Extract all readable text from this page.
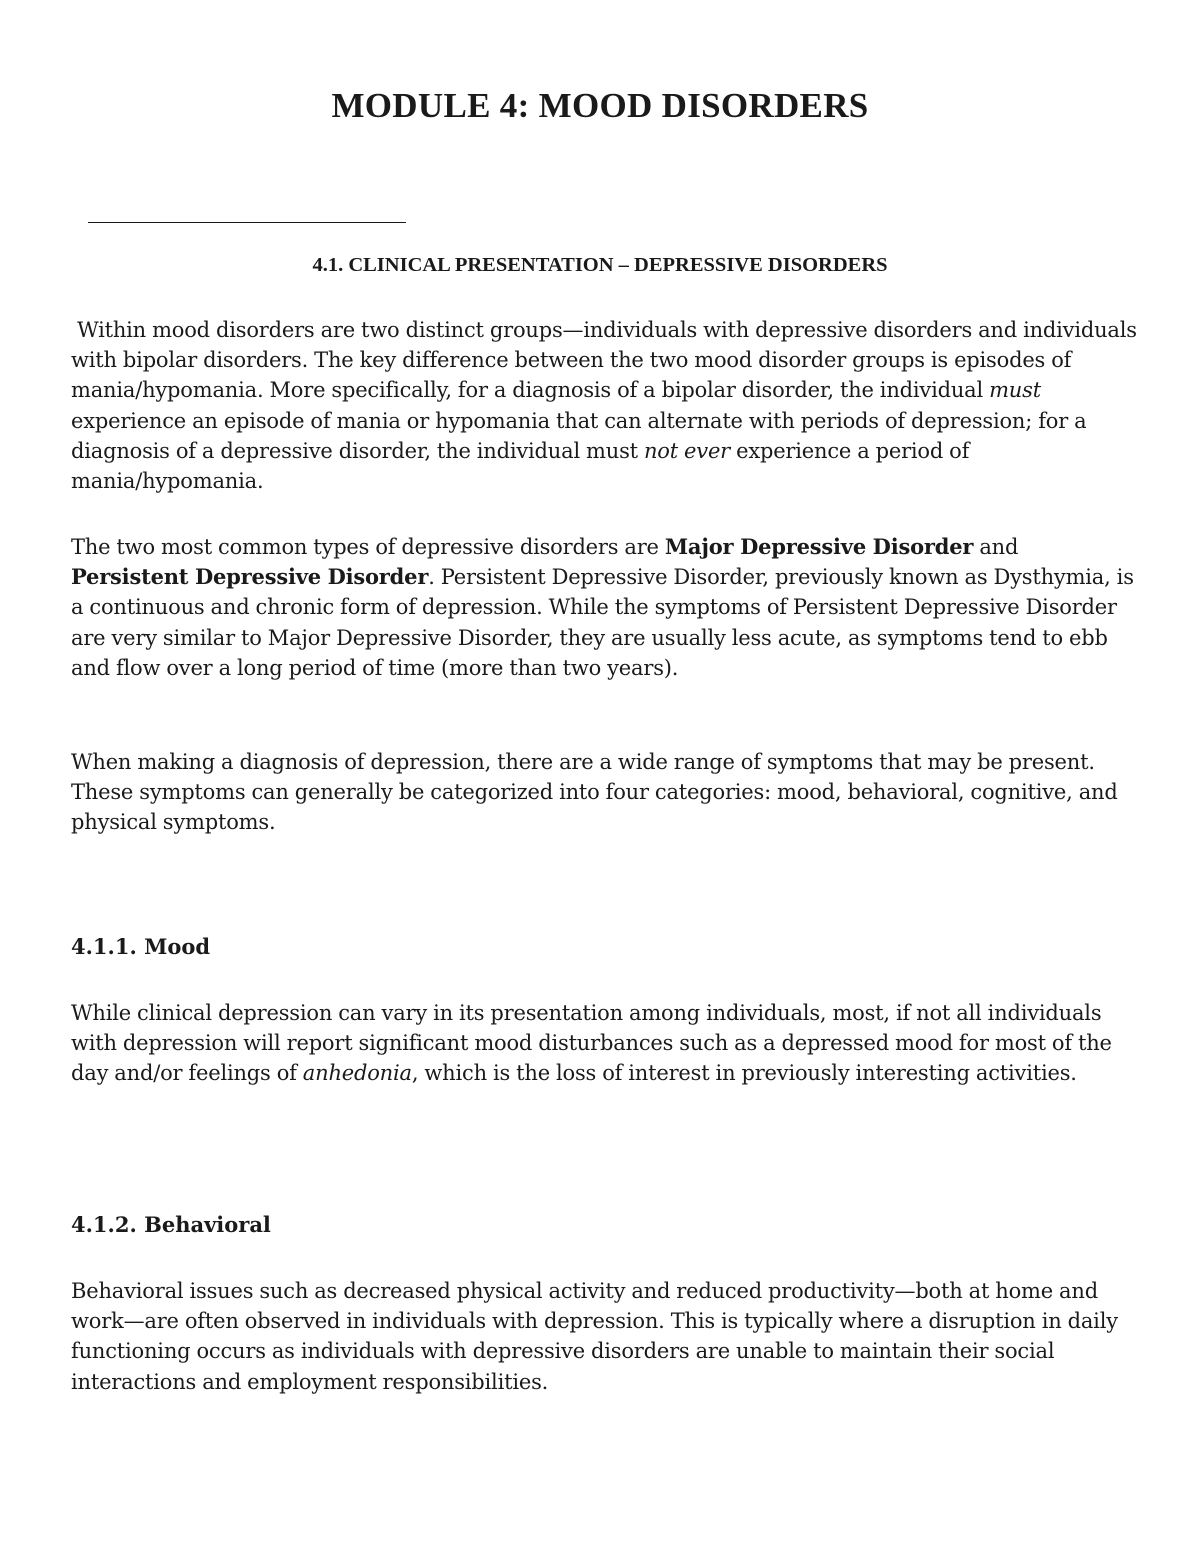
MODULE 4: MOOD DISORDERS
4.1. CLINICAL PRESENTATION – DEPRESSIVE DISORDERS

Within mood disorders are two distinct groups—individuals with depressive disorders and individuals with bipolar disorders. The key difference between the two mood disorder groups is episodes of mania/hypomania. More specifically, for a diagnosis of a bipolar disorder, the individual must experience an episode of mania or hypomania that can alternate with periods of depression; for a diagnosis of a depressive disorder, the individual must not ever experience a period of mania/hypomania.

The two most common types of depressive disorders are Major Depressive Disorder and Persistent Depressive Disorder. Persistent Depressive Disorder, previously known as Dysthymia, is a continuous and chronic form of depression. While the symptoms of Persistent Depressive Disorder are very similar to Major Depressive Disorder, they are usually less acute, as symptoms tend to ebb and flow over a long period of time (more than two years).

When making a diagnosis of depression, there are a wide range of symptoms that may be present. These symptoms can generally be categorized into four categories: mood, behavioral, cognitive, and physical symptoms.

4.1.1. Mood

While clinical depression can vary in its presentation among individuals, most, if not all individuals with depression will report significant mood disturbances such as a depressed mood for most of the day and/or feelings of anhedonia, which is the loss of interest in previously interesting activities.

4.1.2. Behavioral

Behavioral issues such as decreased physical activity and reduced productivity—both at home and work—are often observed in individuals with depression. This is typically where a disruption in daily functioning occurs as individuals with depressive disorders are unable to maintain their social interactions and employment responsibilities.
